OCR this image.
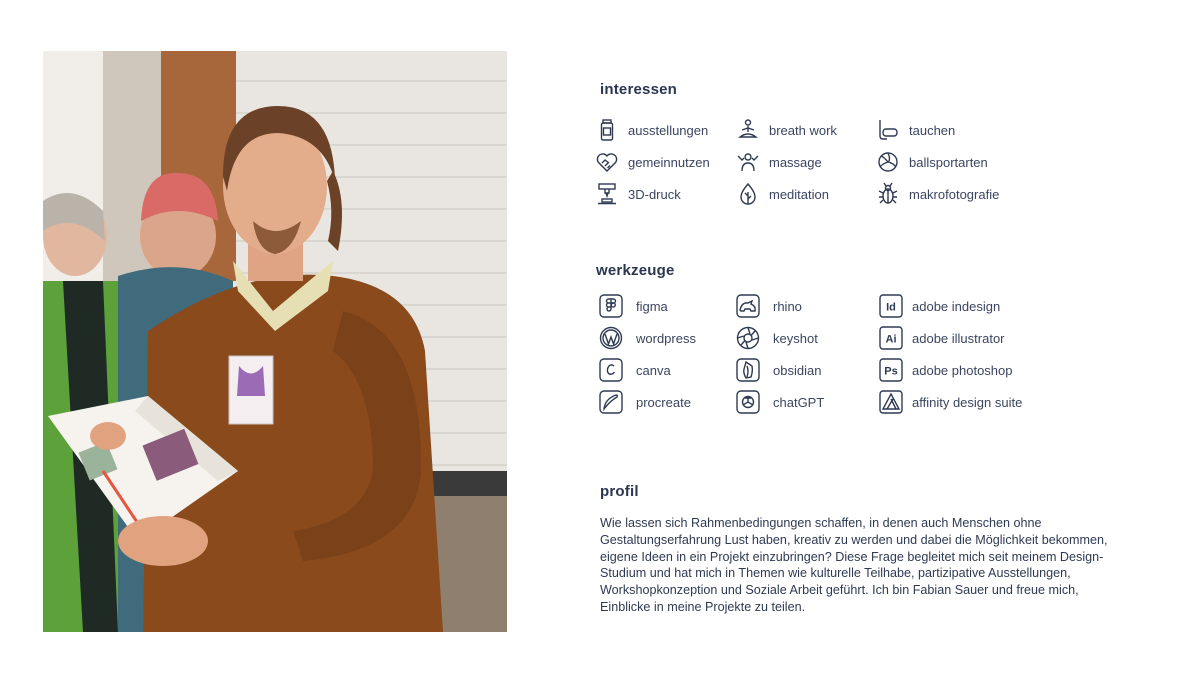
interessen
ausstellungen
gemeinnutzen
3D-druck
breath work
massage
meditation
tauchen
ballsportarten
makrofotografie
werkzeuge
figma
wordpress
canva
procreate
rhino
keyshot
obsidian
chatGPT
Id adobe indesign
Ai adobe illustrator
Ps adobe photoshop
affinity design suite
profil

Wie lassen sich Rahmenbedingungen schaffen, in denen auch Menschen ohne Gestaltungserfahrung Lust haben, kreativ zu werden und dabei die Möglichkeit bekommen, eigene Ideen in ein Projekt einzubringen? Diese Frage begleitet mich seit meinem Design-Studium und hat mich in Themen wie kulturelle Teilhabe, partizipative Ausstellungen, Workshopkonzeption und Soziale Arbeit geführt. Ich bin Fabian Sauer und freue mich, Einblicke in meine Projekte zu teilen.
